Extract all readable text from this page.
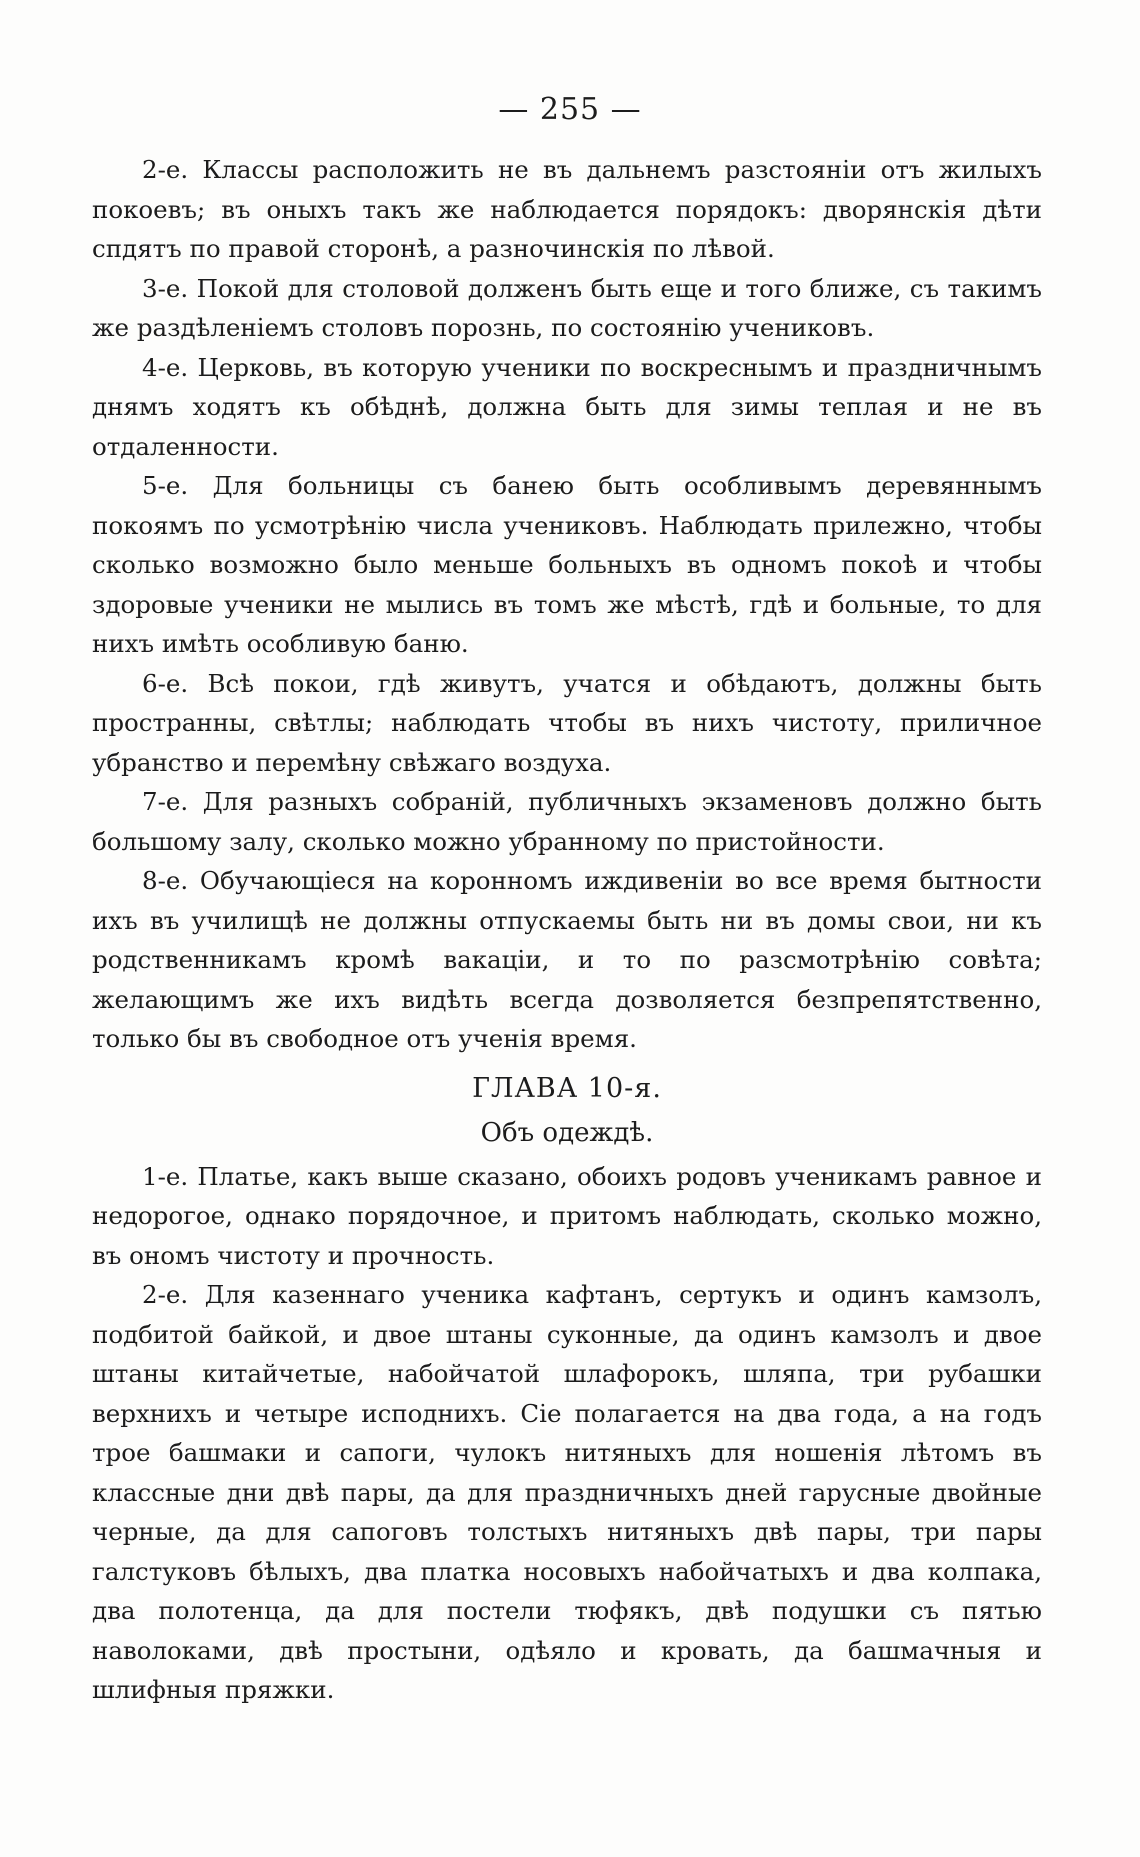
— 255 —

2-е. Классы расположить не въ дальнемъ разстояніи отъ жилыхъ покоевъ; въ оныхъ такъ же наблюдается порядокъ: дворянскія дѣти спдятъ по правой сторонѣ, а разночинскія по лѣвой.

3-е. Покой для столовой долженъ быть еще и того ближе, съ такимъ же раздѣленіемъ столовъ порознь, по состоянію учениковъ.

4-е. Церковь, въ которую ученики по воскреснымъ и праздничнымъ днямъ ходятъ къ обѣднѣ, должна быть для зимы теплая и не въ отдаленности.

5-е. Для больницы съ банею быть особливымъ деревяннымъ покоямъ по усмотрѣнію числа учениковъ. Наблюдать прилежно, чтобы сколько возможно было меньше больныхъ въ одномъ покоѣ и чтобы здоровые ученики не мылись въ томъ же мѣстѣ, гдѣ и больные, то для нихъ имѣть особливую баню.

6-е. Всѣ покои, гдѣ живутъ, учатся и обѣдаютъ, должны быть пространны, свѣтлы; наблюдать чтобы въ нихъ чистоту, приличное убранство и перемѣну свѣжаго воздуха.

7-е. Для разныхъ собраній, публичныхъ экзаменовъ должно быть большому залу, сколько можно убранному по пристойности.

8-е. Обучающіеся на коронномъ иждивеніи во все время бытности ихъ въ училищѣ не должны отпускаемы быть ни въ домы свои, ни къ родственникамъ кромѣ вакацiи, и то по разсмотрѣнію совѣта; желающимъ же ихъ видѣть всегда дозволяется безпрепятственно, только бы въ свободное отъ ученія время.

ГЛАВА 10-я.
Объ одеждѣ.

1-е. Платье, какъ выше сказано, обоихъ родовъ ученикамъ равное и недорогое, однако порядочное, и притомъ наблюдать, сколько можно, въ ономъ чистоту и прочность.

2-е. Для казеннаго ученика кафтанъ, сертукъ и одинъ камзолъ, подбитой байкой, и двое штаны суконные, да одинъ камзолъ и двое штаны китайчетые, набойчатой шлафорокъ, шляпа, три рубашки верхнихъ и четыре исподнихъ. Сіе полагается на два года, а на годъ трое башмаки и сапоги, чулокъ нитяныхъ для ношенія лѣтомъ въ классные дни двѣ пары, да для праздничныхъ дней гарусные двойные черные, да для сапоговъ толстыхъ нитяныхъ двѣ пары, три пары галстуковъ бѣлыхъ, два платка носовыхъ набойчатыхъ и два колпака, два полотенца, да для постели тюфякъ, двѣ подушки съ пятью наволоками, двѣ простыни, одѣяло и кровать, да башмачныя и шлифныя пряжки.
